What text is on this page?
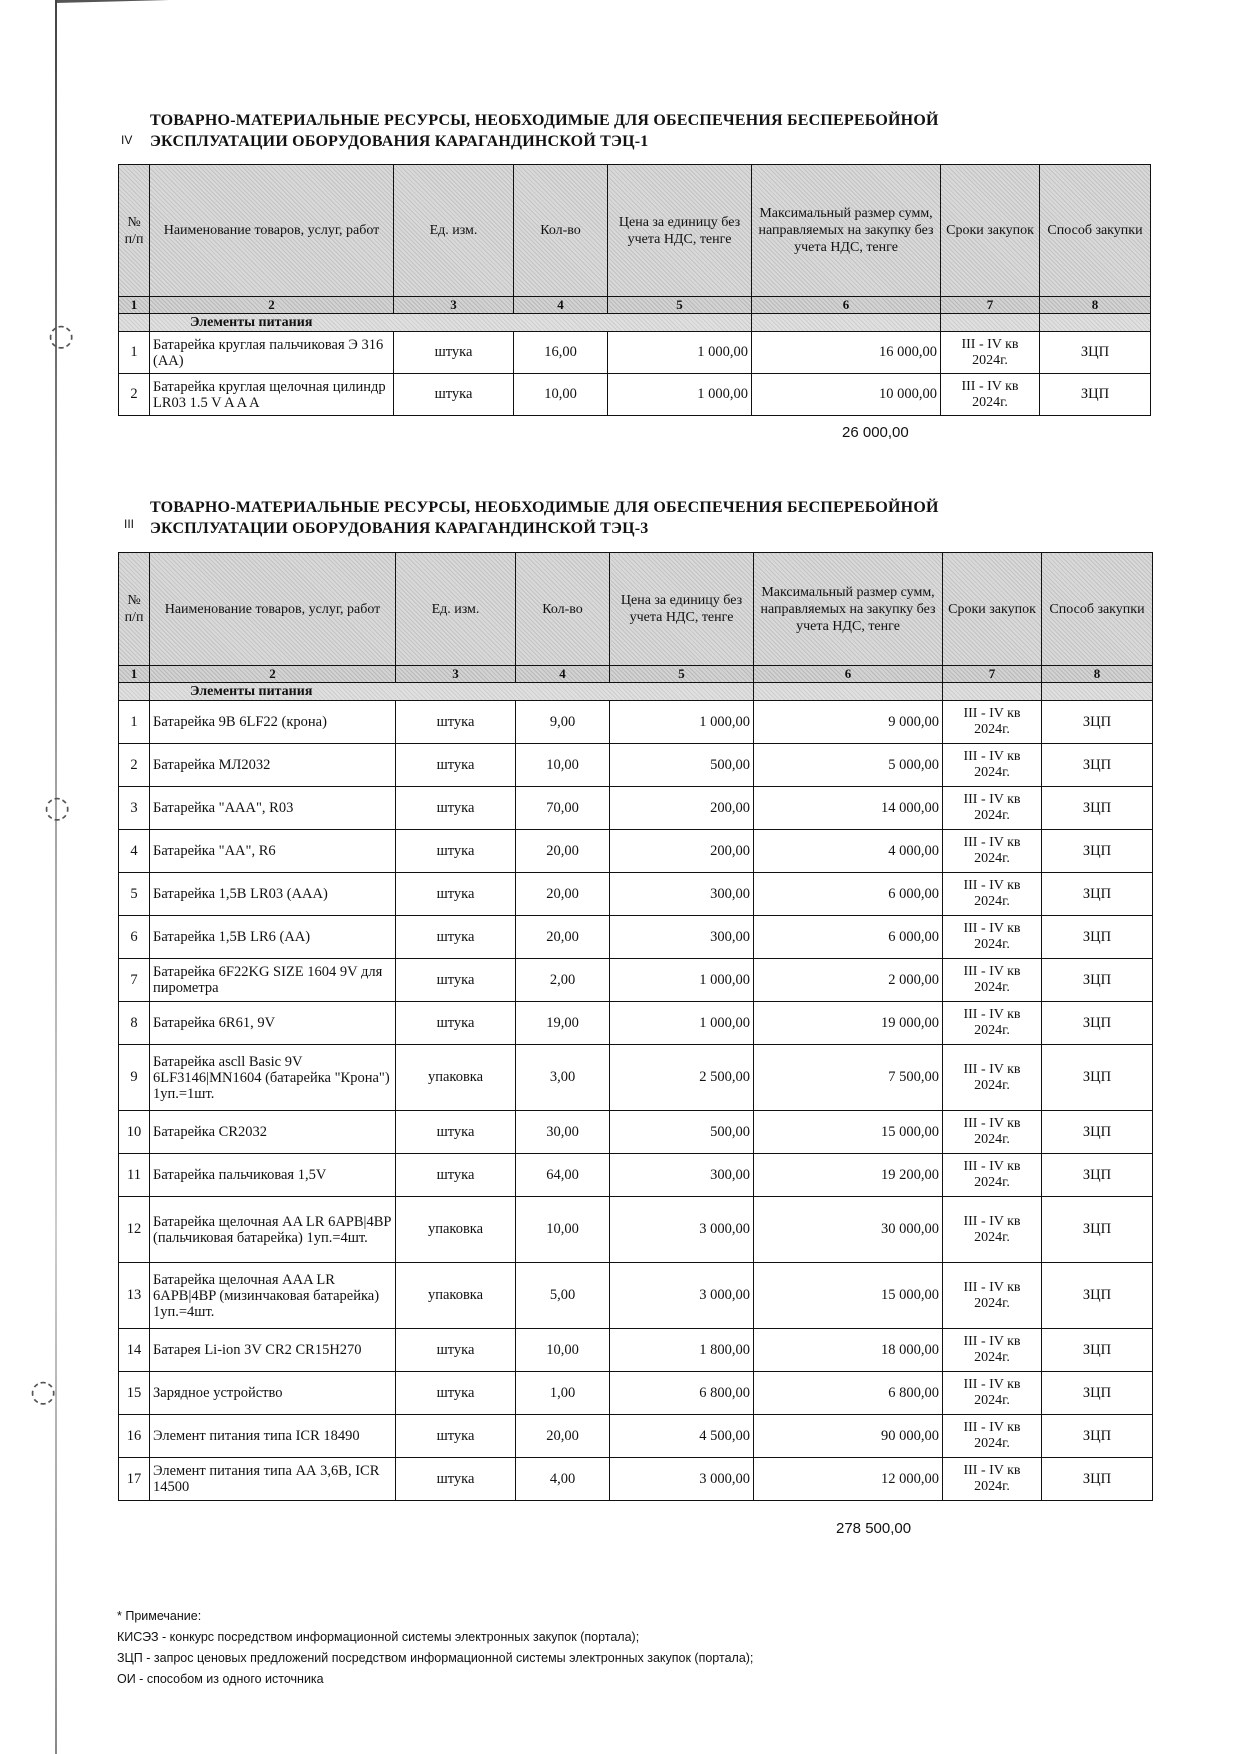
◌
◌
◌
IV
ТОВАРНО-МАТЕРИАЛЬНЫЕ РЕСУРСЫ, НЕОБХОДИМЫЕ ДЛЯ ОБЕСПЕЧЕНИЯ БЕСПЕРЕБОЙНОЙ
ЭКСПЛУАТАЦИИ ОБОРУДОВАНИЯ КАРАГАНДИНСКОЙ ТЭЦ-1
№ п/п	Наименование товаров, услуг, работ	Ед. изм.	Кол-во	Цена за единицу без учета НДС, тенге	Максимальный размер сумм, направляемых на закупку без учета НДС, тенге	Сроки закупок	Способ закупки
1	2	3	4	5	6	7	8
	Элементы питания						
1	Батарейка круглая пальчиковая Э 316 (АА)	штука	16,00	1 000,00	16 000,00	III - IV кв 2024г.	ЗЦП
2	Батарейка круглая щелочная цилиндр LR03 1.5 V A A A	штука	10,00	1 000,00	10 000,00	III - IV кв 2024г.	ЗЦП
26 000,00
III
ТОВАРНО-МАТЕРИАЛЬНЫЕ РЕСУРСЫ, НЕОБХОДИМЫЕ ДЛЯ ОБЕСПЕЧЕНИЯ БЕСПЕРЕБОЙНОЙ
ЭКСПЛУАТАЦИИ ОБОРУДОВАНИЯ КАРАГАНДИНСКОЙ ТЭЦ-3
№ п/п	Наименование товаров, услуг, работ	Ед. изм.	Кол-во	Цена за единицу без учета НДС, тенге	Максимальный размер сумм, направляемых на закупку без учета НДС, тенге	Сроки закупок	Способ закупки
1	2	3	4	5	6	7	8
	Элементы питания						
1	Батарейка 9В 6LF22 (крона)	штука	9,00	1 000,00	9 000,00	III - IV кв 2024г.	ЗЦП
2	Батарейка МЛ2032	штука	10,00	500,00	5 000,00	III - IV кв 2024г.	ЗЦП
3	Батарейка "AAA", R03	штука	70,00	200,00	14 000,00	III - IV кв 2024г.	ЗЦП
4	Батарейка "AA", R6	штука	20,00	200,00	4 000,00	III - IV кв 2024г.	ЗЦП
5	Батарейка 1,5В LR03 (ААА)	штука	20,00	300,00	6 000,00	III - IV кв 2024г.	ЗЦП
6	Батарейка 1,5В LR6 (АА)	штука	20,00	300,00	6 000,00	III - IV кв 2024г.	ЗЦП
7	Батарейка 6F22KG SIZE 1604 9V для пирометра	штука	2,00	1 000,00	2 000,00	III - IV кв 2024г.	ЗЦП
8	Батарейка 6R61, 9V	штука	19,00	1 000,00	19 000,00	III - IV кв 2024г.	ЗЦП
9	Батарейка ascll Basic 9V 6LF3146|MN1604 (батарейка "Крона") 1уп.=1шт.	упаковка	3,00	2 500,00	7 500,00	III - IV кв 2024г.	ЗЦП
10	Батарейка CR2032	штука	30,00	500,00	15 000,00	III - IV кв 2024г.	ЗЦП
11	Батарейка пальчиковая 1,5V	штука	64,00	300,00	19 200,00	III - IV кв 2024г.	ЗЦП
12	Батарейка щелочная AA LR 6APB|4BP (пальчиковая батарейка) 1уп.=4шт.	упаковка	10,00	3 000,00	30 000,00	III - IV кв 2024г.	ЗЦП
13	Батарейка щелочная AAA LR 6APB|4BP (мизинчаковая батарейка) 1уп.=4шт.	упаковка	5,00	3 000,00	15 000,00	III - IV кв 2024г.	ЗЦП
14	Батарея Li-ion 3V CR2 CR15H270	штука	10,00	1 800,00	18 000,00	III - IV кв 2024г.	ЗЦП
15	Зарядное устройство	штука	1,00	6 800,00	6 800,00	III - IV кв 2024г.	ЗЦП
16	Элемент питания типа ICR 18490	штука	20,00	4 500,00	90 000,00	III - IV кв 2024г.	ЗЦП
17	Элемент питания типа АА 3,6В, ICR 14500	штука	4,00	3 000,00	12 000,00	III - IV кв 2024г.	ЗЦП
278 500,00
* Примечание:
КИСЭЗ - конкурс посредством информационной системы электронных закупок (портала);
ЗЦП - запрос ценовых предложений посредством информационной системы электронных закупок (портала);
ОИ - способом из одного источника
